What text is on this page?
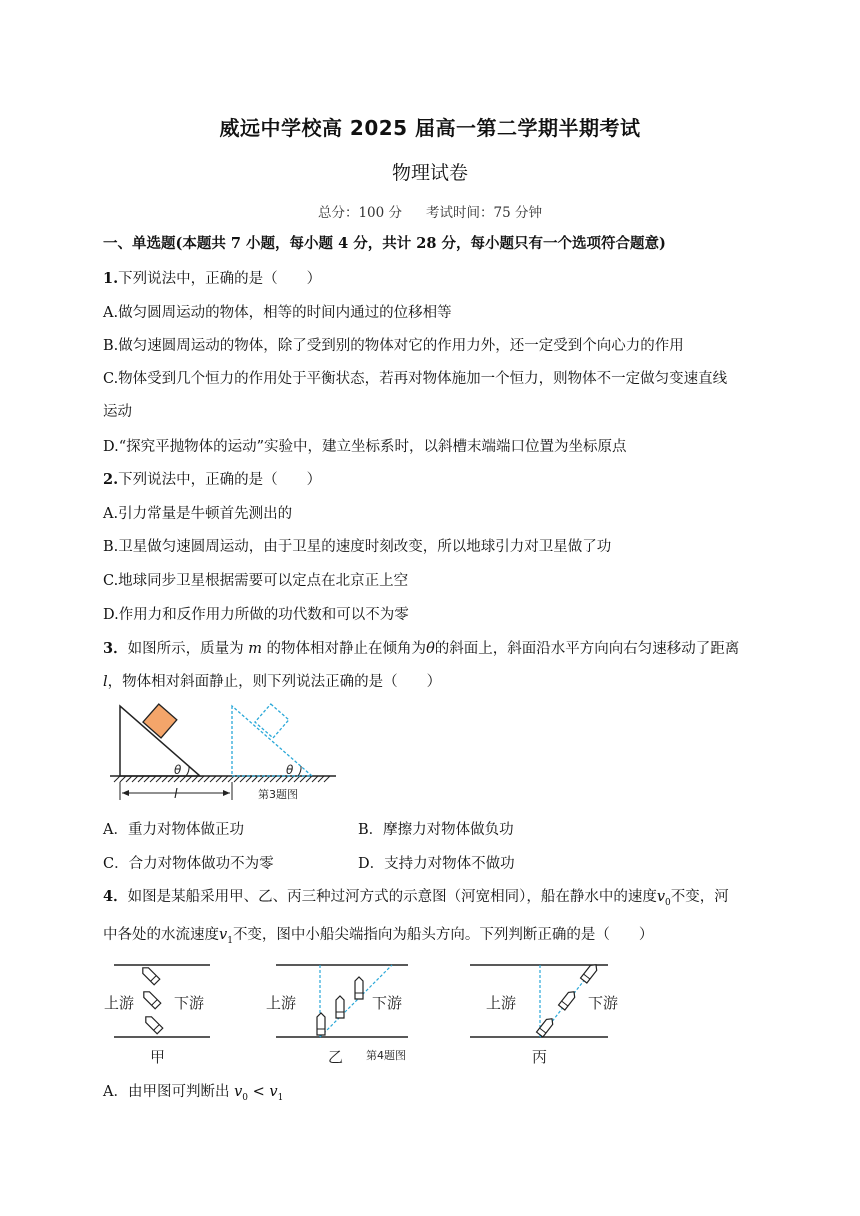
威远中学校高 2025 届高一第二学期半期考试
物理试卷
总分：100 分 考试时间：75 分钟
一、单选题(本题共 7 小题，每小题 4 分，共计 28 分，每小题只有一个选项符合题意)
1.下列说法中，正确的是（　　）
A.做匀圆周运动的物体，相等的时间内通过的位移相等
B.做匀速圆周运动的物体，除了受到别的物体对它的作用力外，还一定受到个向心力的作用
C.物体受到几个恒力的作用处于平衡状态，若再对物体施加一个恒力，则物体不一定做匀变速直线
运动
D.“探究平抛物体的运动”实验中，建立坐标系时，以斜槽末端端口位置为坐标原点
2.下列说法中，正确的是（　　）
A.引力常量是牛顿首先测出的
B.卫星做匀速圆周运动，由于卫星的速度时刻改变，所以地球引力对卫星做了功
C.地球同步卫星根据需要可以定点在北京正上空
D.作用力和反作用力所做的功代数和可以不为零
3．如图所示，质量为 m 的物体相对静止在倾角为θ的斜面上，斜面沿水平方向向右匀速移动了距离
l，物体相对斜面静止，则下列说法正确的是（　　）
θ	θ
l	第3题图
A．重力对物体做正功	B．摩擦力对物体做负功
C．合力对物体做功不为零	D．支持力对物体不做功
4．如图是某船采用甲、乙、丙三种过河方式的示意图（河宽相同），船在静水中的速度$v_0$不变，河
中各处的水流速度$v_1$不变，图中小船尖端指向为船头方向。下列判断正确的是（　　）
上游	下游
甲
上游	下游
乙 第4题图
上游	下游
丙
A．由甲图可判断出 $v_0 < v_1$
